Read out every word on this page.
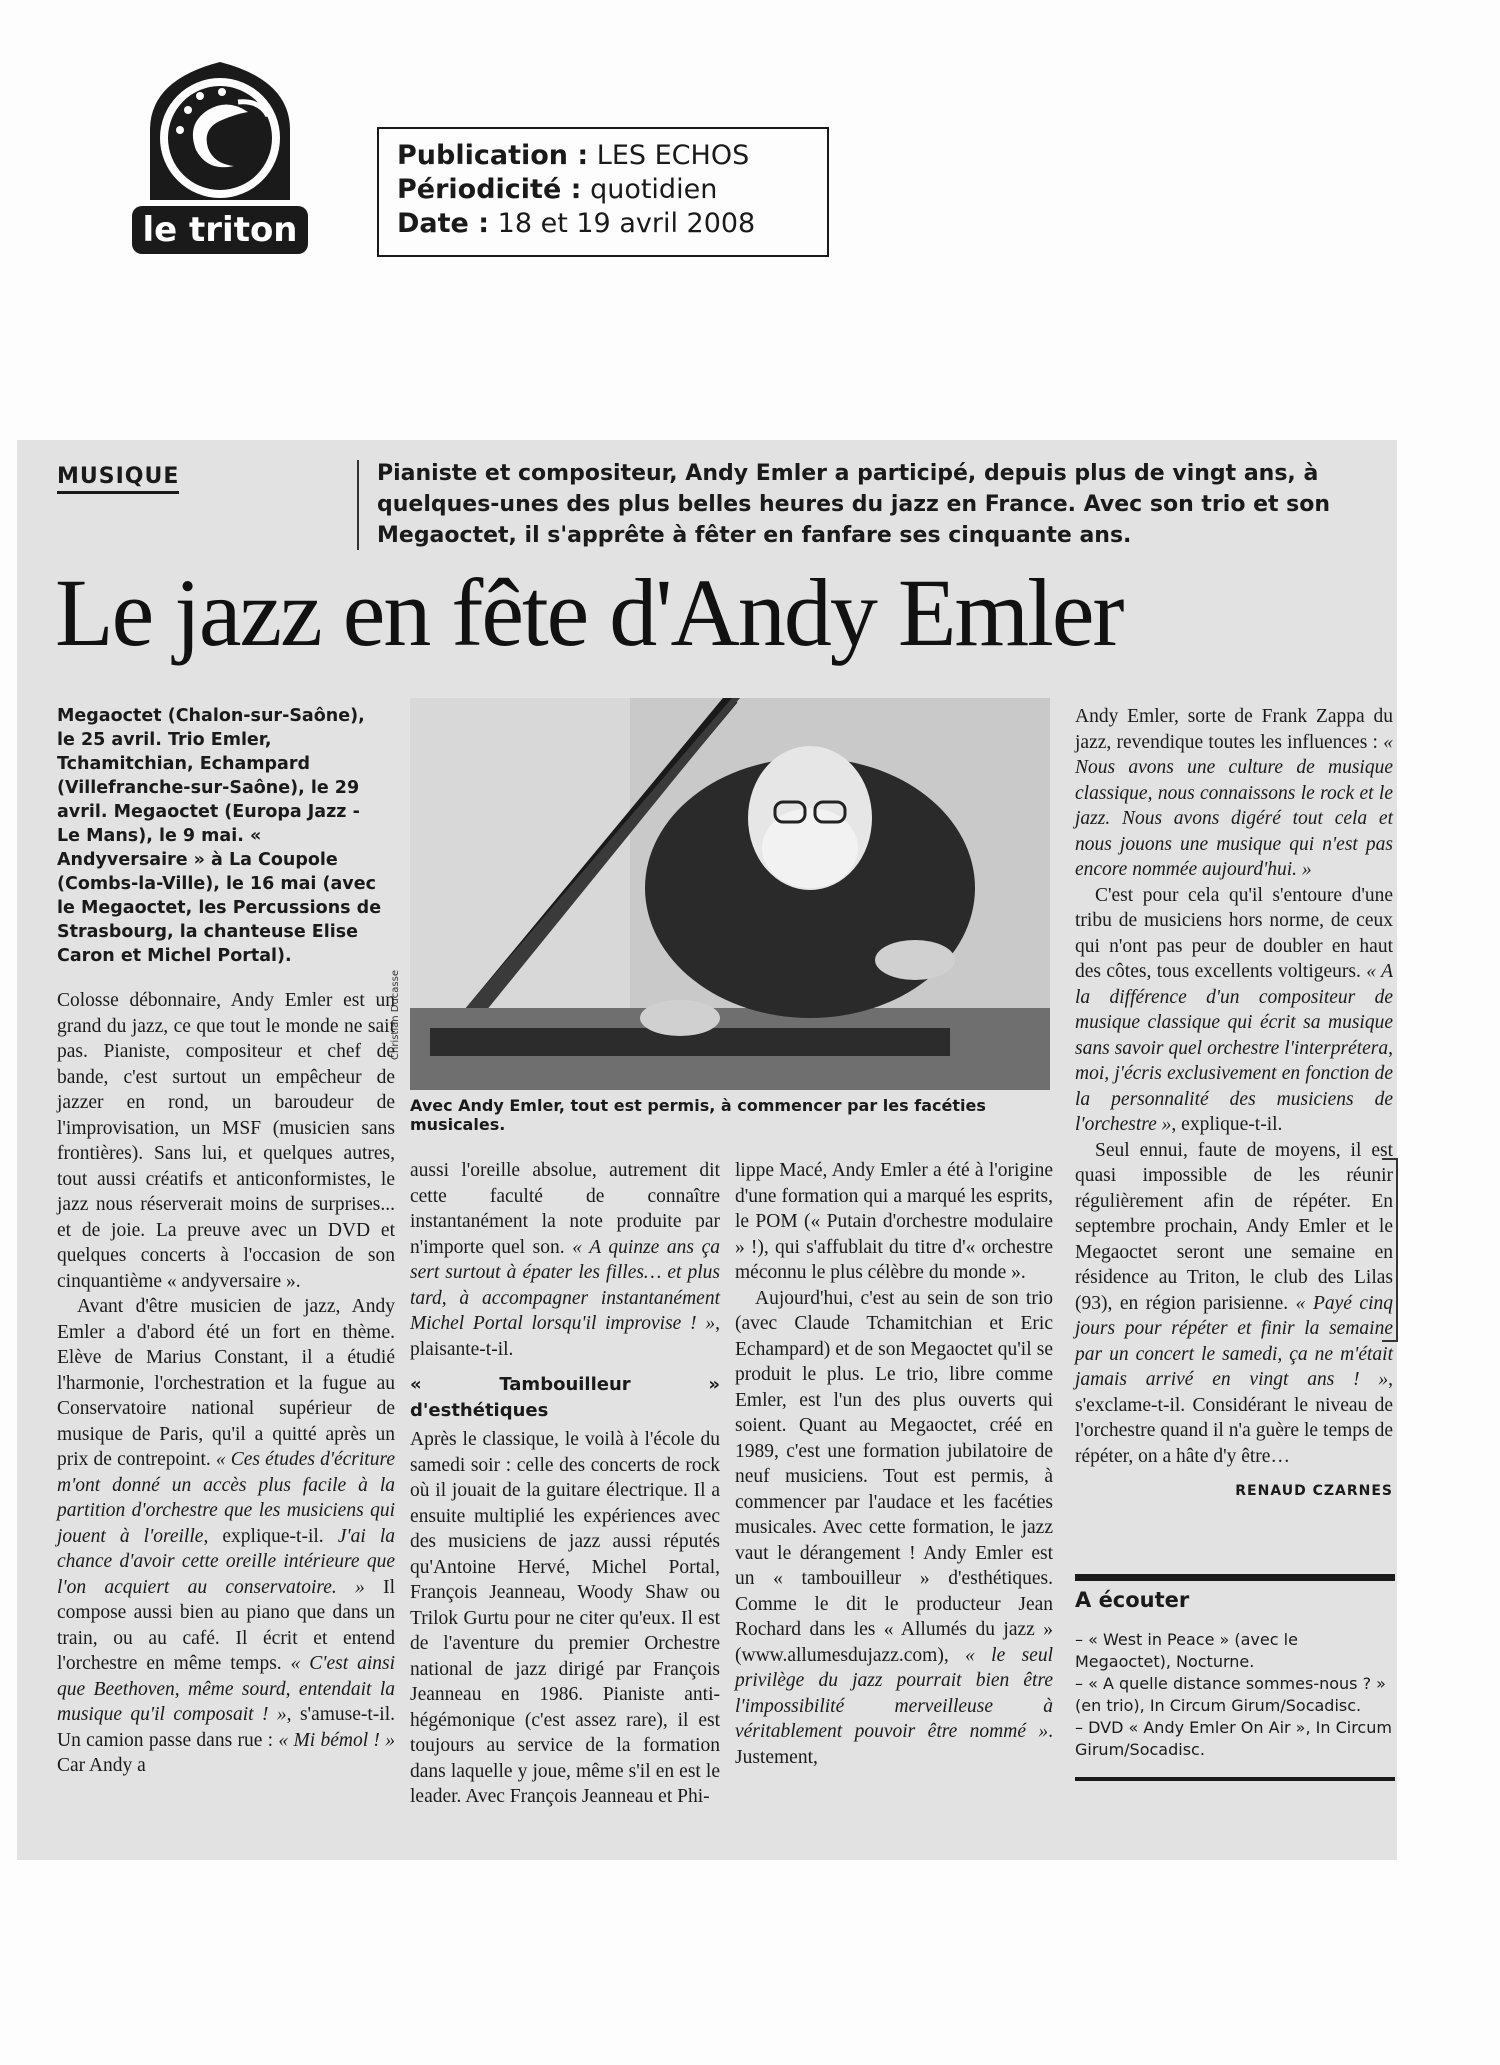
le triton
Publication : LES ECHOS
Périodicité : quotidien
Date : 18 et 19 avril 2008
MUSIQUE	Pianiste et compositeur, Andy Emler a participé, depuis plus de vingt ans, à quelques-unes des plus belles heures du jazz en France. Avec son trio et son Megaoctet, il s'apprête à fêter en fanfare ses cinquante ans.
Le jazz en fête d'Andy Emler
Megaoctet (Chalon-sur-Saône), le 25 avril. Trio Emler, Tchamitchian, Echampard (Villefranche-sur-Saône), le 29 avril. Megaoctet (Europa Jazz - Le Mans), le 9 mai. « Andyversaire » à La Coupole (Combs-la-Ville), le 16 mai (avec le Megaoctet, les Percussions de Strasbourg, la chanteuse Elise Caron et Michel Portal).
Christian Ducasse
Avec Andy Emler, tout est permis, à commencer par les facéties musicales.

Colosse débonnaire, Andy Emler est un grand du jazz, ce que tout le monde ne sait pas. Pianiste, compositeur et chef de bande, c'est surtout un empêcheur de jazzer en rond, un baroudeur de l'improvisation, un MSF (musicien sans frontières). Sans lui, et quelques autres, tout aussi créatifs et anticonformistes, le jazz nous réserverait moins de surprises... et de joie. La preuve avec un DVD et quelques concerts à l'occasion de son cinquantième « andyversaire ».

Avant d'être musicien de jazz, Andy Emler a d'abord été un fort en thème. Elève de Marius Constant, il a étudié l'harmonie, l'orchestration et la fugue au Conservatoire national supérieur de musique de Paris, qu'il a quitté après un prix de contrepoint. « Ces études d'écriture m'ont donné un accès plus facile à la partition d'orchestre que les musiciens qui jouent à l'oreille, explique-t-il. J'ai la chance d'avoir cette oreille intérieure que l'on acquiert au conservatoire. » Il compose aussi bien au piano que dans un train, ou au café. Il écrit et entend l'orchestre en même temps. « C'est ainsi que Beethoven, même sourd, entendait la musique qu'il composait ! », s'amuse-t-il. Un camion passe dans rue : « Mi bémol ! » Car Andy a

aussi l'oreille absolue, autrement dit cette faculté de connaître instantanément la note produite par n'importe quel son. « A quinze ans ça sert surtout à épater les filles… et plus tard, à accompagner instantanément Michel Portal lorsqu'il improvise ! », plaisante-t-il.

« Tambouilleur » d'esthétiques

Après le classique, le voilà à l'école du samedi soir : celle des concerts de rock où il jouait de la guitare électrique. Il a ensuite multiplié les expériences avec des musiciens de jazz aussi réputés qu'Antoine Hervé, Michel Portal, François Jeanneau, Woody Shaw ou Trilok Gurtu pour ne citer qu'eux. Il est de l'aventure du premier Orchestre national de jazz dirigé par François Jeanneau en 1986. Pianiste anti-hégémonique (c'est assez rare), il est toujours au service de la formation dans laquelle y joue, même s'il en est le leader. Avec François Jeanneau et Phi-

lippe Macé, Andy Emler a été à l'origine d'une formation qui a marqué les esprits, le POM (« Putain d'orchestre modulaire » !), qui s'affublait du titre d'« orchestre méconnu le plus célèbre du monde ».

Aujourd'hui, c'est au sein de son trio (avec Claude Tchamitchian et Eric Echampard) et de son Megaoctet qu'il se produit le plus. Le trio, libre comme Emler, est l'un des plus ouverts qui soient. Quant au Megaoctet, créé en 1989, c'est une formation jubilatoire de neuf musiciens. Tout est permis, à commencer par l'audace et les facéties musicales. Avec cette formation, le jazz vaut le dérangement ! Andy Emler est un « tambouilleur » d'esthétiques. Comme le dit le producteur Jean Rochard dans les « Allumés du jazz » (www.allumesdujazz.com), « le seul privilège du jazz pourrait bien être l'impossibilité merveilleuse à véritablement pouvoir être nommé ». Justement,

Andy Emler, sorte de Frank Zappa du jazz, revendique toutes les influences : « Nous avons une culture de musique classique, nous connaissons le rock et le jazz. Nous avons digéré tout cela et nous jouons une musique qui n'est pas encore nommée aujourd'hui. »

C'est pour cela qu'il s'entoure d'une tribu de musiciens hors norme, de ceux qui n'ont pas peur de doubler en haut des côtes, tous excellents voltigeurs. « A la différence d'un compositeur de musique classique qui écrit sa musique sans savoir quel orchestre l'interprétera, moi, j'écris exclusivement en fonction de la personnalité des musiciens de l'orchestre », explique-t-il.

Seul ennui, faute de moyens, il est quasi impossible de les réunir régulièrement afin de répéter. En septembre prochain, Andy Emler et le Megaoctet seront une semaine en résidence au Triton, le club des Lilas (93), en région parisienne. « Payé cinq jours pour répéter et finir la semaine par un concert le samedi, ça ne m'était jamais arrivé en vingt ans ! », s'exclame-t-il. Considérant le niveau de l'orchestre quand il n'a guère le temps de répéter, on a hâte d'y être…

RENAUD CZARNES
A écouter
– « West in Peace » (avec le Megaoctet), Nocturne.
– « A quelle distance sommes-nous ? » (en trio), In Circum Girum/Socadisc.
– DVD « Andy Emler On Air », In Circum Girum/Socadisc.
